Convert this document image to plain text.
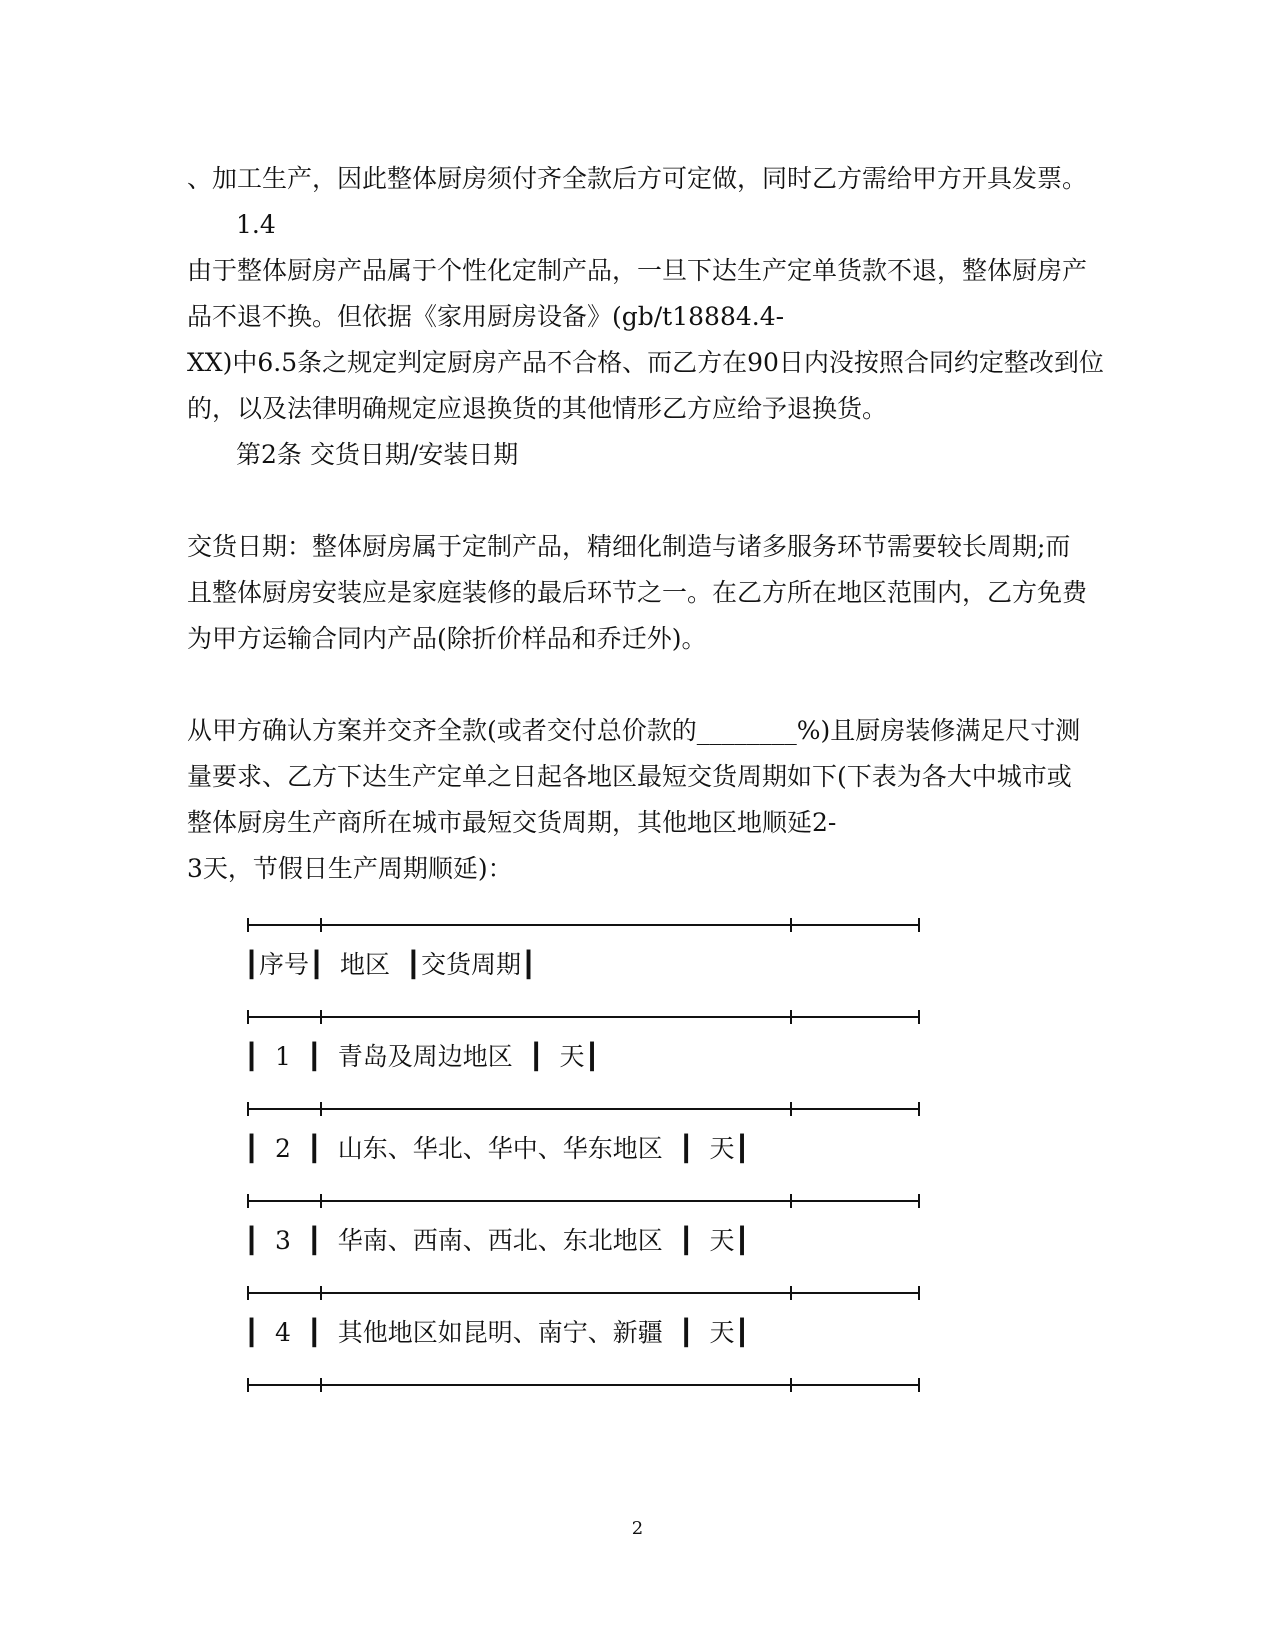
、加工生产，因此整体厨房须付齐全款后方可定做，同时乙方需给甲方开具发票。
1.4
由于整体厨房产品属于个性化定制产品，一旦下达生产定单货款不退，整体厨房产
品不退不换。但依据《家用厨房设备》(gb/t18884.4-
XX)中6.5条之规定判定厨房产品不合格、而乙方在90日内没按照合同约定整改到位
的，以及法律明确规定应退换货的其他情形乙方应给予退换货。
第2条 交货日期/安装日期
交货日期：整体厨房属于定制产品，精细化制造与诸多服务环节需要较长周期;而
且整体厨房安装应是家庭装修的最后环节之一。在乙方所在地区范围内，乙方免费
为甲方运输合同内产品(除折价样品和乔迁外)。
从甲方确认方案并交齐全款(或者交付总价款的________%)且厨房装修满足尺寸测
量要求、乙方下达生产定单之日起各地区最短交货周期如下(下表为各大中城市或
整体厨房生产商所在城市最短交货周期，其他地区地顺延2-
3天，节假日生产周期顺延)：
┃序号┃  地区  ┃交货周期┃
┃  1  ┃  青岛及周边地区  ┃  天┃
┃  2  ┃  山东、华北、华中、华东地区  ┃  天┃
┃  3  ┃  华南、西南、西北、东北地区  ┃  天┃
┃  4  ┃  其他地区如昆明、南宁、新疆  ┃  天┃
2
